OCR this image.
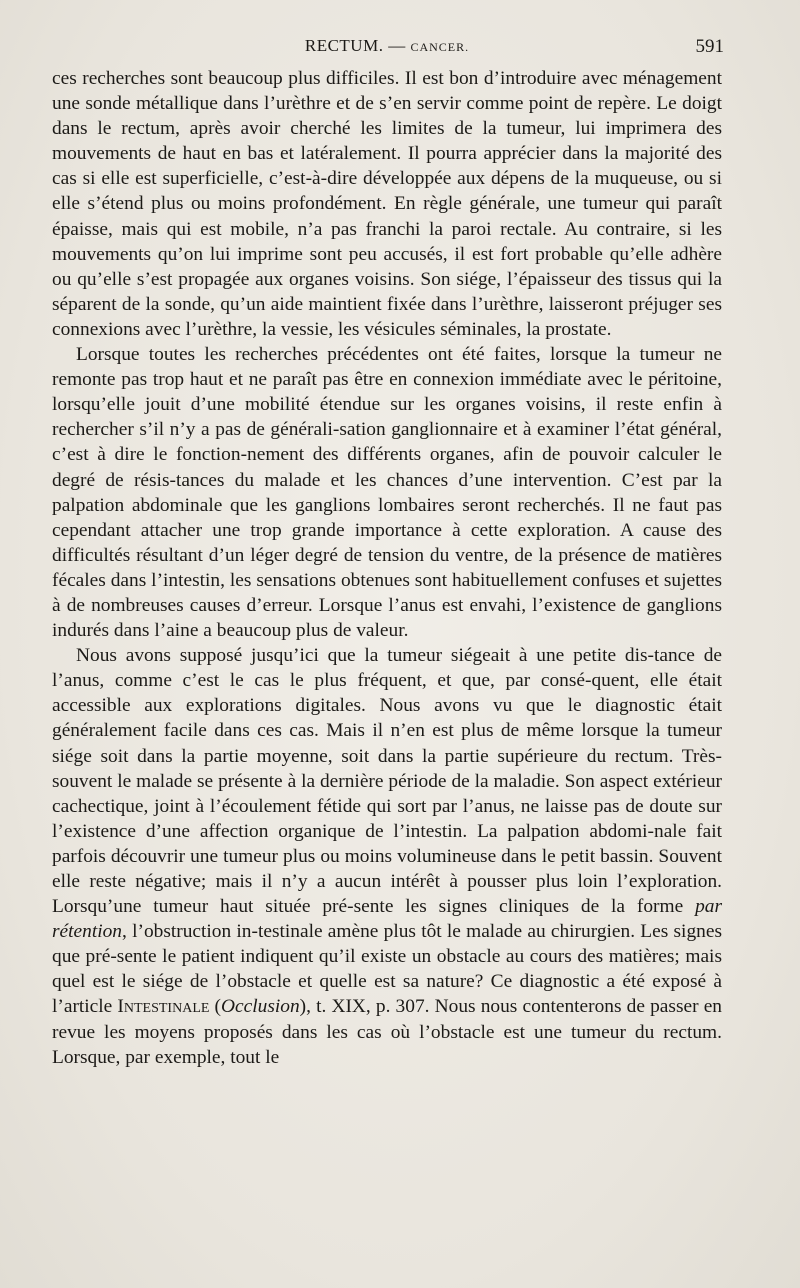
RECTUM. — CANCER.	591

ces recherches sont beaucoup plus difficiles. Il est bon d’introduire avec ménagement une sonde métallique dans l’urèthre et de s’en servir comme point de repère. Le doigt dans le rectum, après avoir cherché les limites de la tumeur, lui imprimera des mouvements de haut en bas et latéralement. Il pourra apprécier dans la majorité des cas si elle est superficielle, c’est-à-dire développée aux dépens de la muqueuse, ou si elle s’étend plus ou moins profondément. En règle générale, une tumeur qui paraît épaisse, mais qui est mobile, n’a pas franchi la paroi rectale. Au contraire, si les mouvements qu’on lui imprime sont peu accusés, il est fort probable qu’elle adhère ou qu’elle s’est propagée aux organes voisins. Son siége, l’épaisseur des tissus qui la séparent de la sonde, qu’un aide maintient fixée dans l’urèthre, laisseront préjuger ses connexions avec l’urèthre, la vessie, les vésicules séminales, la prostate.

Lorsque toutes les recherches précédentes ont été faites, lorsque la tumeur ne remonte pas trop haut et ne paraît pas être en connexion immédiate avec le péritoine, lorsqu’elle jouit d’une mobilité étendue sur les organes voisins, il reste enfin à rechercher s’il n’y a pas de générali-sation ganglionnaire et à examiner l’état général, c’est à dire le fonction-nement des différents organes, afin de pouvoir calculer le degré de résis-tances du malade et les chances d’une intervention. C’est par la palpation abdominale que les ganglions lombaires seront recherchés. Il ne faut pas cependant attacher une trop grande importance à cette exploration. A cause des difficultés résultant d’un léger degré de tension du ventre, de la présence de matières fécales dans l’intestin, les sensations obtenues sont habituellement confuses et sujettes à de nombreuses causes d’erreur. Lorsque l’anus est envahi, l’existence de ganglions indurés dans l’aine a beaucoup plus de valeur.

Nous avons supposé jusqu’ici que la tumeur siégeait à une petite dis-tance de l’anus, comme c’est le cas le plus fréquent, et que, par consé-quent, elle était accessible aux explorations digitales. Nous avons vu que le diagnostic était généralement facile dans ces cas. Mais il n’en est plus de même lorsque la tumeur siége soit dans la partie moyenne, soit dans la partie supérieure du rectum. Très-souvent le malade se présente à la dernière période de la maladie. Son aspect extérieur cachectique, joint à l’écoulement fétide qui sort par l’anus, ne laisse pas de doute sur l’existence d’une affection organique de l’intestin. La palpation abdomi-nale fait parfois découvrir une tumeur plus ou moins volumineuse dans le petit bassin. Souvent elle reste négative; mais il n’y a aucun intérêt à pousser plus loin l’exploration. Lorsqu’une tumeur haut située pré-sente les signes cliniques de la forme par rétention, l’obstruction in-testinale amène plus tôt le malade au chirurgien. Les signes que pré-sente le patient indiquent qu’il existe un obstacle au cours des matières; mais quel est le siége de l’obstacle et quelle est sa nature? Ce diagnostic a été exposé à l’article Intestinale (Occlusion), t. XIX, p. 307. Nous nous contenterons de passer en revue les moyens proposés dans les cas où l’obstacle est une tumeur du rectum. Lorsque, par exemple, tout le
